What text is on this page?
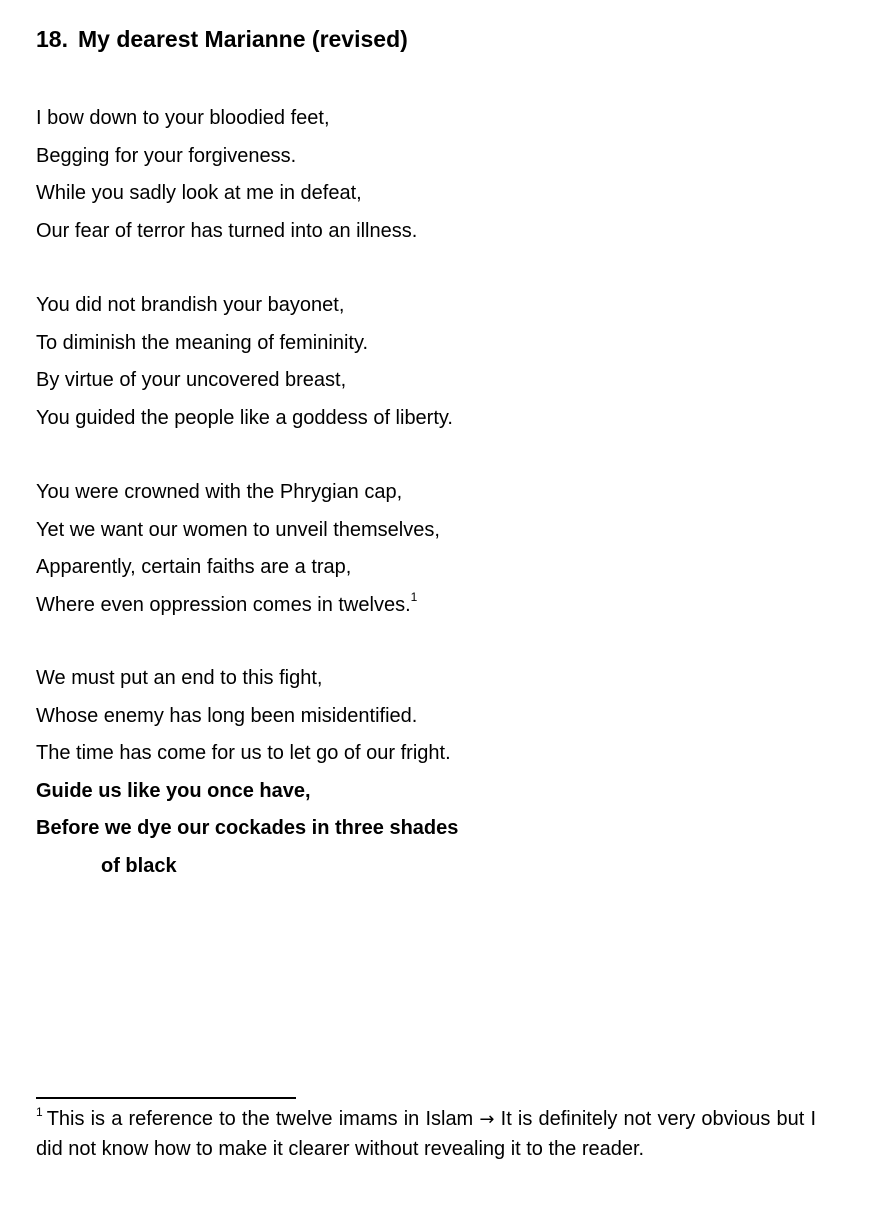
18. My dearest Marianne (revised)
I bow down to your bloodied feet,
Begging for your forgiveness.
While you sadly look at me in defeat,
Our fear of terror has turned into an illness.
You did not brandish your bayonet,
To diminish the meaning of femininity.
By virtue of your uncovered breast,
You guided the people like a goddess of liberty.
You were crowned with the Phrygian cap,
Yet we want our women to unveil themselves,
Apparently, certain faiths are a trap,
Where even oppression comes in twelves.$^1$
We must put an end to this fight,
Whose enemy has long been misidentified.
The time has come for us to let go of our fright.
Guide us like you once have,
Before we dye our cockades in three shades
of black

$^1$ This is a reference to the twelve imams in Islam → It is definitely not very obvious but I did not know how to make it clearer without revealing it to the reader.
